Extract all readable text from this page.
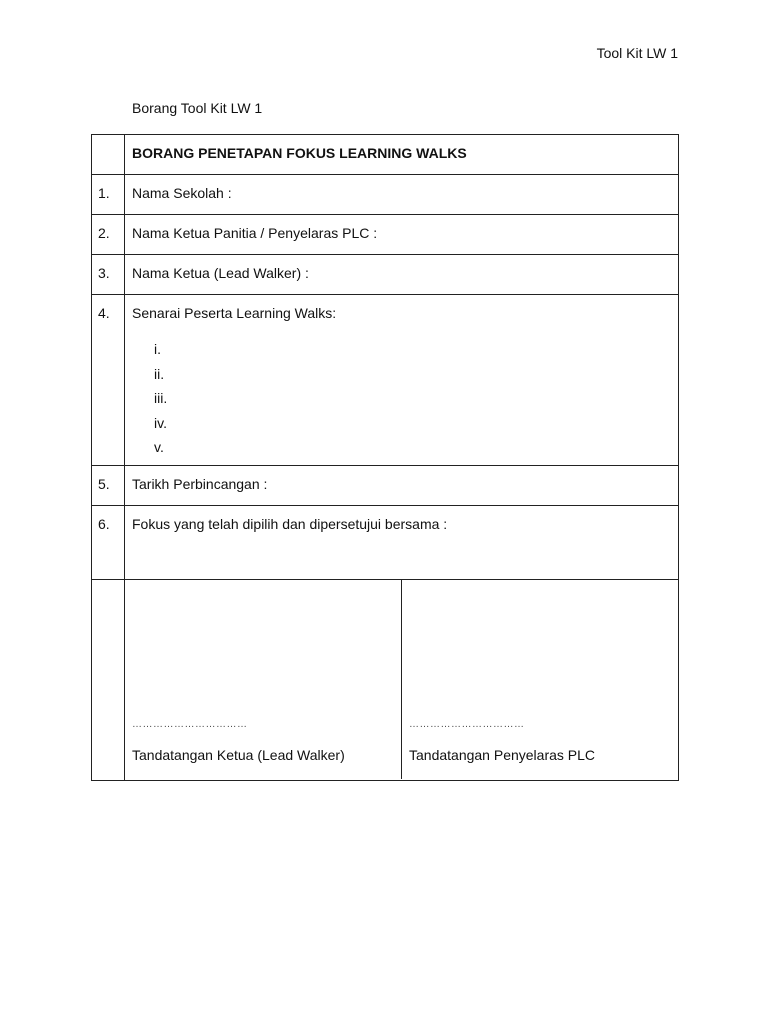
Tool Kit LW 1
Borang Tool Kit LW 1
	BORANG PENETAPAN FOKUS LEARNING WALKS
1.	Nama Sekolah :
2.	Nama Ketua Panitia / Penyelaras PLC :
3.	Nama Ketua (Lead Walker) :
4.	Senarai Peserta Learning Walks:
i.
ii.
iii.
iv.
v.

5.	Tarikh Perbincangan :
6.	Fokus yang telah dipilih dan dipersetujui bersama :

……………………………
Tandatangan Ketua (Lead Walker)

……………………………
Tandatangan Penyelaras PLC
